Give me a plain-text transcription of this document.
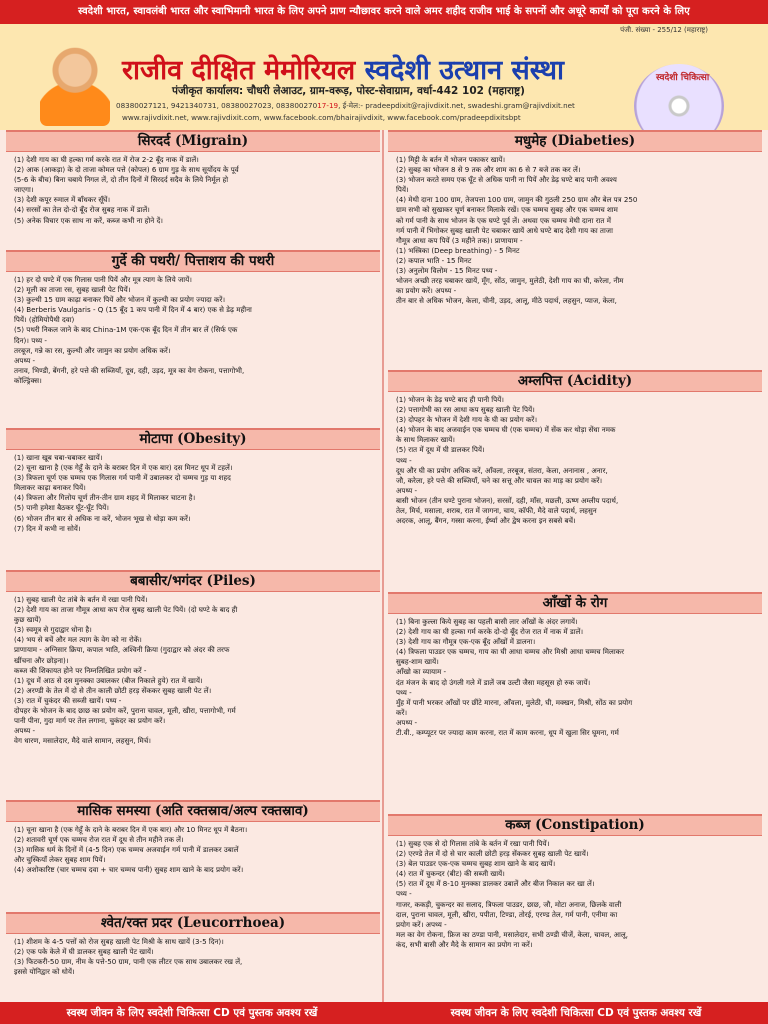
स्वदेशी भारत, स्वावलंबी भारत और स्वाभिमानी भारत के लिए अपने प्राण न्यौछावर करने वाले अमर शहीद राजीव भाई के सपनों और अधूरे कार्यों को पूरा करने के लिए
पंजी. संख्या - 255/12 (महाराष्ट्र)
राजीव दीक्षित मेमोरियल स्वदेशी उत्थान संस्था
पंजीकृत कार्यालय: चौधरी लेआउट, ग्राम-वरूड़, पोस्ट-सेवाग्राम, वर्धा-442 102 (महाराष्ट्र)
08380027121, 9421340731, 08380027023, 08380027017-19, ई-मेल:- pradeepdixit@rajivdixit.net, swadeshi.gram@rajivdixit.net
www.rajivdixit.net, www.rajivdixit.com, www.facebook.com/bhairajivdixit, www.facebook.com/pradeepdixitsbpt
स्वदेशी चिकित्सा
सिरदर्द (Migrain)
(1) देशी गाय का घी हल्का गर्म करके रात में रोज 2-2 बूँद नाक में डालें।
(2) आक (आकड़ा) के दो ताजा कोमल पत्ते (कोपल) 6 ग्राम गुड़ के साथ सूर्योदय के पूर्व
(5-6 के बीच) बिना चबाये निगल लें, दो तीन दिनों में सिरदर्द सदैव के लिये निर्मूल हो
जाएगा।
(3) देशी कपूर रुमाल में बाँधकर सूँघें।
(4) सरसों का तेल दो-दो बूँद रोज सुबह नाक में डालें।
(5) अनेक विचार एक साथ ना करें, कब्ज कभी ना होने दें।
गुर्दे की पथरी/ पित्ताशय की पथरी
(1) हर दो घण्टे में एक गिलास पानी पियें और मूत्र त्याग के लिये जायें।
(2) मूली का ताजा रस, सुबह खाली पेट पियें।
(3) कुल्थी 15 ग्राम काढ़ा बनाकर पियें और भोजन में कुल्थी का प्रयोग ज्यादा करें।
(4) Berberis Vaulgaris - Q (15 बूँद 1 कप पानी में दिन में 4 बार) एक से डेढ़ महीना
पियें। (होमियोपैथी दवा)
(5) पथरी निकल जाने के बाद China-1M एक-एक बूँद दिन में तीन बार लें (सिर्फ एक
दिन)। पथ्य -
तरबूज, गन्ने का रस, कुल्थी और जामुन का प्रयोग अधिक करें।
अपथ्य -
तनाव, भिण्डी, बेंगनी, हरे पत्ते की सब्जियाँ, दूध, दही, उड़द, मूत्र का वेग रोकना, पत्तागोभी,
कोल्ड्रिंक्स।
मोटापा (Obesity)
(1) खाना खूब चबा-चबाकर खायें।
(2) चूना खाना है (एक गेहूँ के दाने के बराबर दिन में एक बार) दस मिनट धूप में टहलें।
(3) त्रिफला चूर्ण एक चम्मच एक गिलास गर्म पानी में उबालकर दो चम्मच गुड़ या शहद
मिलाकर काढ़ा बनाकर पियें।
(4) त्रिफला और गिलोय चूर्ण तीन-तीन ग्राम शहद में मिलाकर चाटना है।
(5) पानी हमेशा बैठकर घूँट-घूँट पियें।
(6) भोजन तीन बार से अधिक ना करें, भोजन भूख से थोड़ा कम करें।
(7) दिन में कभी ना सोयें।
बबासीर/भगंदर (Piles)
(1) सुबह खाली पेट तांबे के बर्तन में रखा पानी पियें।
(2) देशी गाय का ताजा गौमूत्र आधा कप रोज सुबह खाली पेट पियें। (दो घण्टे के बाद ही
कुछ खायें)
(3) स्वमूत्र से गुदाद्वार धोना है।
(4) भय से बचें और मल त्याग के वेग को ना रोकें।
प्राणायाम - अग्निसार क्रिया, कपाल भाति, अश्विनी क्रिया (गुदाद्वार को अंदर की तरफ
खींचना और छोड़ना)।
कब्ज की शिकायत होने पर निम्नलिखित प्रयोग करें -
(1) दूध में आठ से दस मुनक्का उबालकर (बीज निकाले हुये) रात में खायें।
(2) अरण्डी के तेल में दो से तीन काली छोटी हरड़ सेंककर सुबह खाली पेट लें।
(3) रात में चुकंदर की सब्जी खायें। पथ्य -
दोपहर के भोजन के बाद छाछ का प्रयोग करें, पुराना चावल, मूली, खीरा, पत्तागोभी, गर्म
पानी पीना, गुदा मार्ग पर तेल लगाना, चुकंदर का प्रयोग करें।
अपथ्य -
वेग धारण, मसालेदार, मैदे वाले सामान, लहसुन, मिर्च।
मासिक समस्या (अति रक्तस्राव/अल्प रक्तस्राव)
(1) चूना खाना है (एक गेहूँ के दाने के बराबर दिन में एक बार) और 10 मिनट धूप में बैठना।
(2) शतावरी चूर्ण एक चम्मच रोज रात में दूध से तीन महीने तक लें।
(3) मासिक धर्म के दिनों में (4-5 दिन) एक चम्मच अजवाईन गर्म पानी में डालकर उबालें
और चुस्कियाँ लेकर सुबह शाम पियें।
(4) अशोकारिष्ट (चार चम्मच दवा + चार चम्मच पानी) सुबह शाम खाने के बाद प्रयोग करें।
श्वेत/रक्त प्रदर (Leucorrhoea)
(1) शीशम के 4-5 पत्तों को रोज सुबह खाली पेट मिश्री के साथ खायें (3-5 दिन)।
(2) एक पके केले में घी डालकर सुबह खाली पेट खायें।
(3) फिटकरी-50 ग्राम, नीम के पत्ते-50 ग्राम, पानी एक लीटर एक साथ उबालकर रख लें,
इससे योनिद्वार को धोयें।
मधुमेह (Diabeties)
(1) मिट्टी के बर्तन में भोजन पकाकर खायें।
(2) सुबह का भोजन 8 से 9 तक और शाम का 6 से 7 बजे तक कर लें।
(3) भोजन करते समय एक घूँट से अधिक पानी ना पियें और डेढ़ घण्टे बाद पानी अवश्य
पियें।
(4) मेथी दाना 100 ग्राम, तेजपत्ता 100 ग्राम, जामुन की गुठली 250 ग्राम और बेल पत्र 250
ग्राम सभी को सुखाकर चूर्ण बनाकर मिलाके रखें। एक चम्मच सुबह और एक चम्मच शाम
को गर्म पानी के साथ भोजन के एक घण्टे पूर्व लें। अथवा एक चम्मच मेथी दाना रात में
गर्म पानी में भिगोकर सुबह खाली पेट चबाकर खायें आधे घण्टे बाद देशी गाय का ताजा
गौमूत्र आधा कप पियें (3 महीने तक)। प्राणायाम -
(1) भस्त्रिका (Deep breathing) - 5 मिनट
(2) कपाल भाति - 15 मिनट
(3) अनुलोम विलोम - 15 मिनट पथ्य -
भोजन अच्छी तरह चबाकर खायें, मूँग, सोंठ, जामुन, मुलेठी, देशी गाय का घी, करेला, नीम
का प्रयोग करें। अपथ्य -
तीन बार से अधिक भोजन, केला, चीनी, उड़द, आलू, मीठे पदार्थ, लहसुन, प्याज, केला,
अम्लपित्त (Acidity)
(1) भोजन के डेढ़ घण्टे बाद ही पानी पियें।
(2) पत्तागोभी का रस आधा कप सुबह खाली पेट पियें।
(3) दोपहर के भोजन में देशी गाय के घी का प्रयोग करें।
(4) भोजन के बाद अजवाईन एक चम्मच घी (एक चम्मच) में सेंक कर थोड़ा सेंधा नमक
के साथ मिलाकर खायें।
(5) रात में दूध में घी डालकर पियें।
पथ्य -
दूध और घी का प्रयोग अधिक करें, आँवला, तरबूज, संतरा, केला, अनानास , अनार,
जौ, करेला, हरे पत्ते की सब्जियाँ, चने का सत्तू और चावल का माड़ का प्रयोग करें।
अपथ्य -
बासी भोजन (तीन घण्टे पुराना भोजन), सरसों, दही, माँस, मछली, ऊष्ण अम्लीय पदार्थ,
तेल, मिर्च, मसाला, शराब, रात में जागना, चाय, कॉफी, मैदे वाले पदार्थ, लहसुन
अदरक, आलू, बैंगन, गस्सा करना, ईर्ष्या और द्वेष करना इन सबसे बचें।
आँखों के रोग
(1) बिना कुल्ला किये सुबह का पहली बासी लार आँखों के अंदर लगायें।
(2) देशी गाय का घी हल्का गर्म करके दो-दो बूँद रोज रात में नाक में डालें।
(3) देशी गाय का गौमूत्र एक-एक बूँद आँखों में डालना।
(4) त्रिफला पाउडर एक चम्मच, गाय का घी आधा चम्मच और मिश्री आधा चम्मच मिलाकर
सुबह-शाम खायें।
आँखो का व्यायाम -
दंत मंजन के बाद दो उंगली गले में डालें जब उल्टी जैसा महसूस हो रुक जायें।
पथ्य -
मुँह में पानी भरकर आँखों पर छींटे मारना, आँवला, मुलेठी, घी, मक्खन, मिश्री, सोंठ का प्रयोग
करें।
अपथ्य -
टी.वी., कम्प्यूटर पर ज्यादा काम करना, रात में काम करना, धूप में खुला सिर घूमना, गर्म
कब्ज (Constipation)
(1) सुबह एक से दो गिलास तांबे के बर्तन में रखा पानी पियें।
(2) एरण्डे तेल में दो से चार काली छोटी हरड़ सेंककर सुबह खाली पेट खायें।
(3) बेल पाउडर एक-एक चम्मच सुबह शाम खाने के बाद खायें।
(4) रात में चुकन्दर (बीट) की सब्जी खायें।
(5) रात में दूध में 8-10 मुनक्का डालकर उबालें और बीज निकाल कर खा लें।
पथ्य -
गाजर, ककड़ी, चुकन्दर का सलाद, त्रिफला पाउडर, छाछ, जौ, मोटा अनाज, छिलके वाली
दाल, पुराना चावल, मूली, खीरा, पपीता, टिण्डा, तोरई, एरण्ड तेल, गर्म पानी, एनीमा का
प्रयोग करें। अपथ्य -
मल का वेग रोकना, फ्रिज का ठण्डा पानी, मसालेदार, सभी ठण्डी चीजें, केला, चावल, आलू,
कंद, सभी बासी और मैदे के सामान का प्रयोग ना करें।
स्वस्थ जीवन के लिए स्वदेशी चिकित्सा CD एवं पुस्तक अवश्य रखें	स्वस्थ जीवन के लिए स्वदेशी चिकित्सा CD एवं पुस्तक अवश्य रखें
